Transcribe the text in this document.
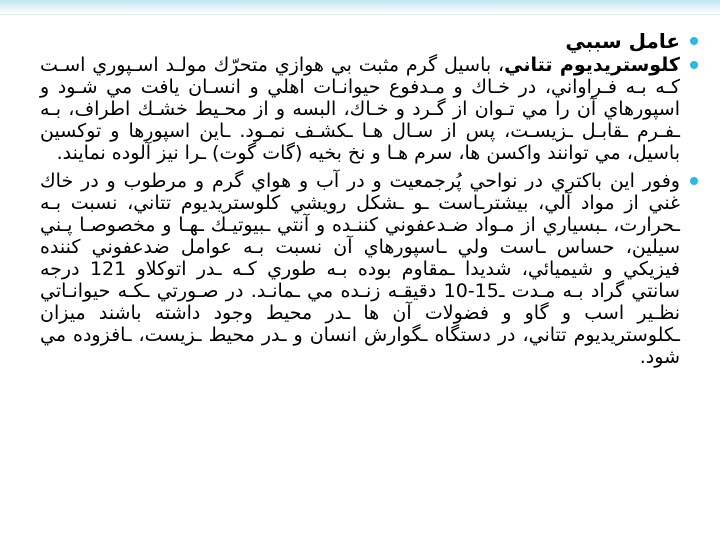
عامل سببي
كلوستريديوم تتاني، باسيل گرم مثبت بي هوازي متحرّك مولـد اسـپوري اسـت كـه بـه فـراواني، در خـاك و مـدفوع حيوانـات اهلي و انسـان يافت مي شـود و اسپورهاي آن را مي تـوان از گـرد و خـاك، البسه و از محـيط خشـك اطراف، بـه ـفـرم ـقابـل ـزيسـت، پس از سـال هـا ـكشـف نمـود. ـاين اسپورها و توكسين باسيل، مي توانند واكسن ها، سرم هـا و نخ بخيه (گات گوت) ـرا نيز آلوده نمايند.
وفور اين باكتري در نواحي پُرجمعيت و در آب و هواي گرم و مرطوب و در خاك غني از مواد آلي، بيشترـاست ـو ـشكل رويشي كلوستريديوم تتاني، نسبت بـه ـحرارت، ـبسياري از مـواد ضـدعفوني كننـده و آنتي ـبيوتيـك ـهـا و مخصوصـا پـني سيلين، حساس ـاست ولي ـاسپورهاي آن نسبت بـه عوامل ضدعفوني كننده فيزيكي و شيميائي، شديدا ـمقاوم بوده بـه طوري كـه ـدر اتوكلاو 121 درجه سانتي گراد بـه مـدت ـ15-10 دقيقـه زنـده مي ـمانـد. در صـورتي ـكـه حيوانـاتي نظـير اسب و گاو و فضولات آن ها ـدر محيط وجود داشته باشند ميزان ـكلوستريديوم تتاني، در دستگاه ـگوارش انسان و ـدر محيط ـزيست، ـافزوده مي شود.
